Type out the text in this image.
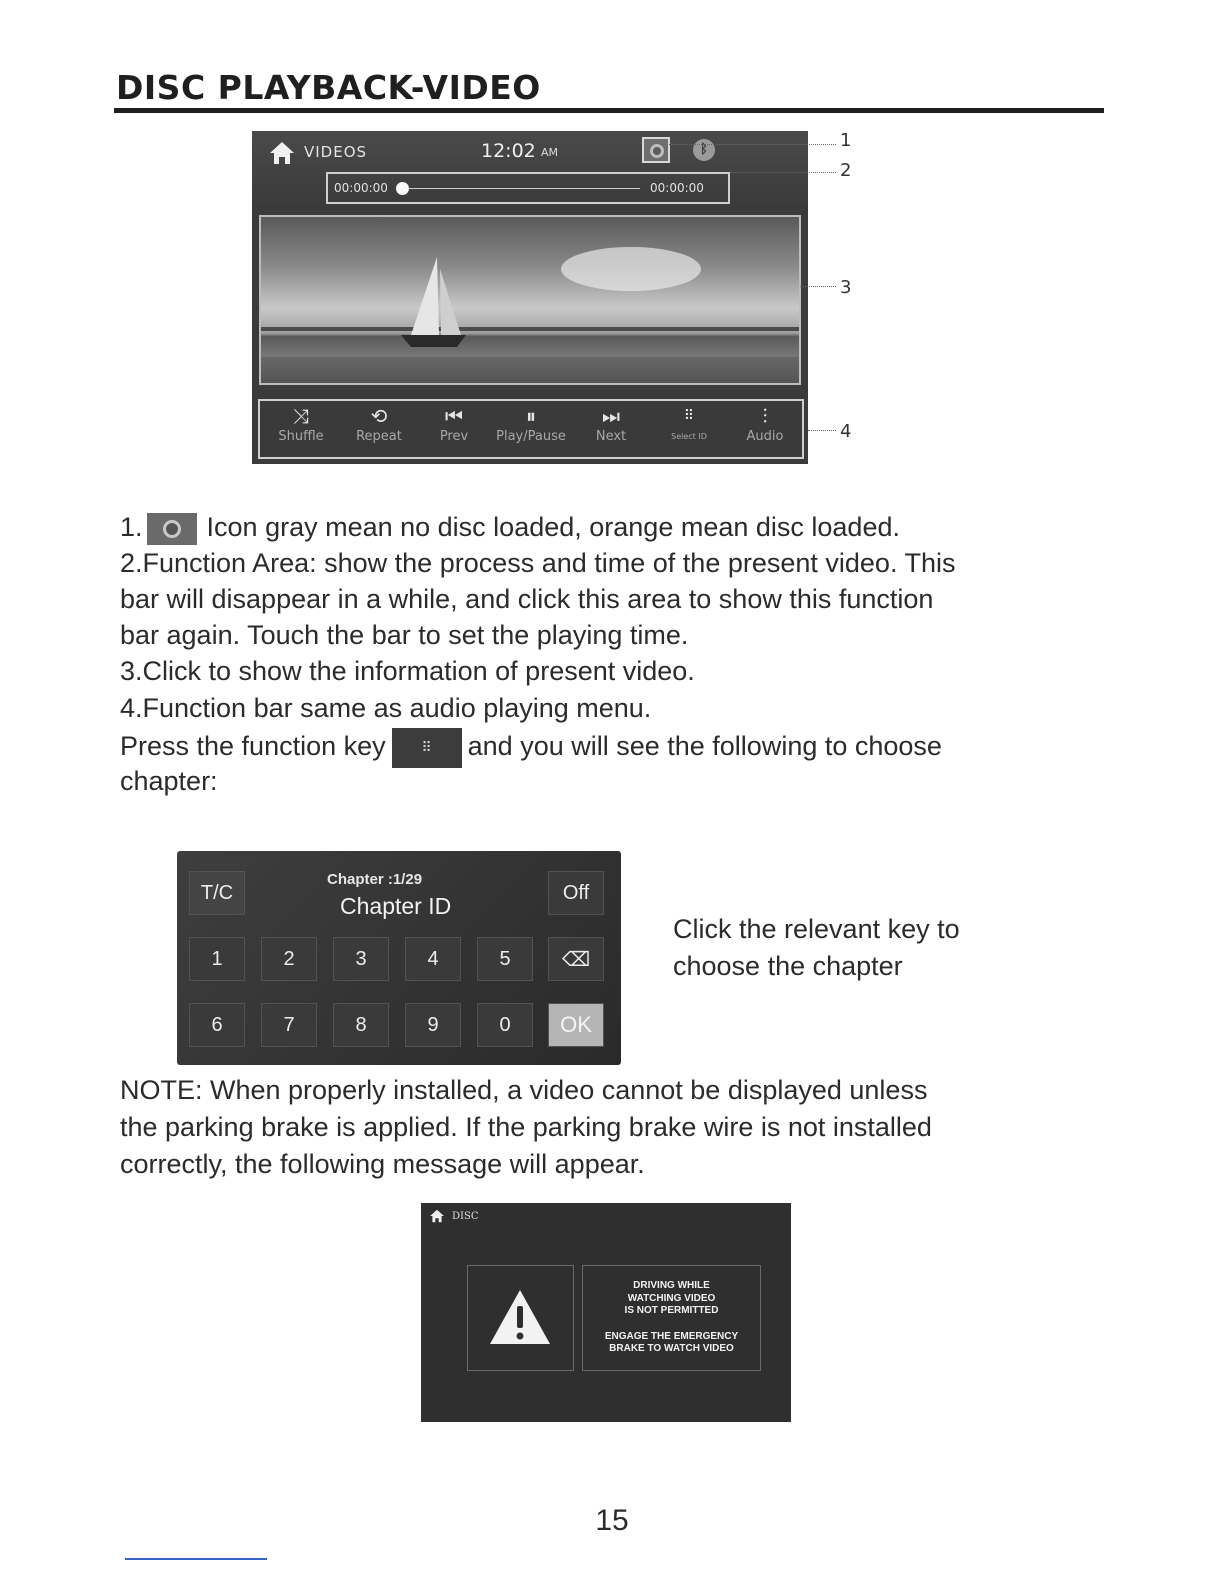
DISC PLAYBACK-VIDEO
VIDEOS	12:02 AM	ᛒ
00:00:00	00:00:00
⤨
Shuffle
⟲
Repeat
⏮
Prev
⏸
Play/Pause
⏭
Next
⠿
Select ID
⫶
Audio
1
2
3
4
1. Icon gray mean no disc loaded, orange mean disc loaded.
2.Function Area: show the process and time of the present video. This
bar will disappear in a while, and click this area to show this function
bar again. Touch the bar to set the playing time.
3.Click to show the information of present video.
4.Function bar same as audio playing menu.
Press the function key	⠿ and you will see the following to choose
chapter:
T/C
Chapter :1/29
Chapter ID	Off
1	2	3	4	5	⌫
6	7	8	9	0	OK
Click the relevant key to
choose the chapter
NOTE: When properly installed, a video cannot be displayed unless
the parking brake is applied. If the parking brake wire is not installed
correctly, the following message will appear.
DISC
DRIVING WHILE
WATCHING VIDEO
IS NOT PERMITTED
ENGAGE THE EMERGENCY
BRAKE TO WATCH VIDEO
15
